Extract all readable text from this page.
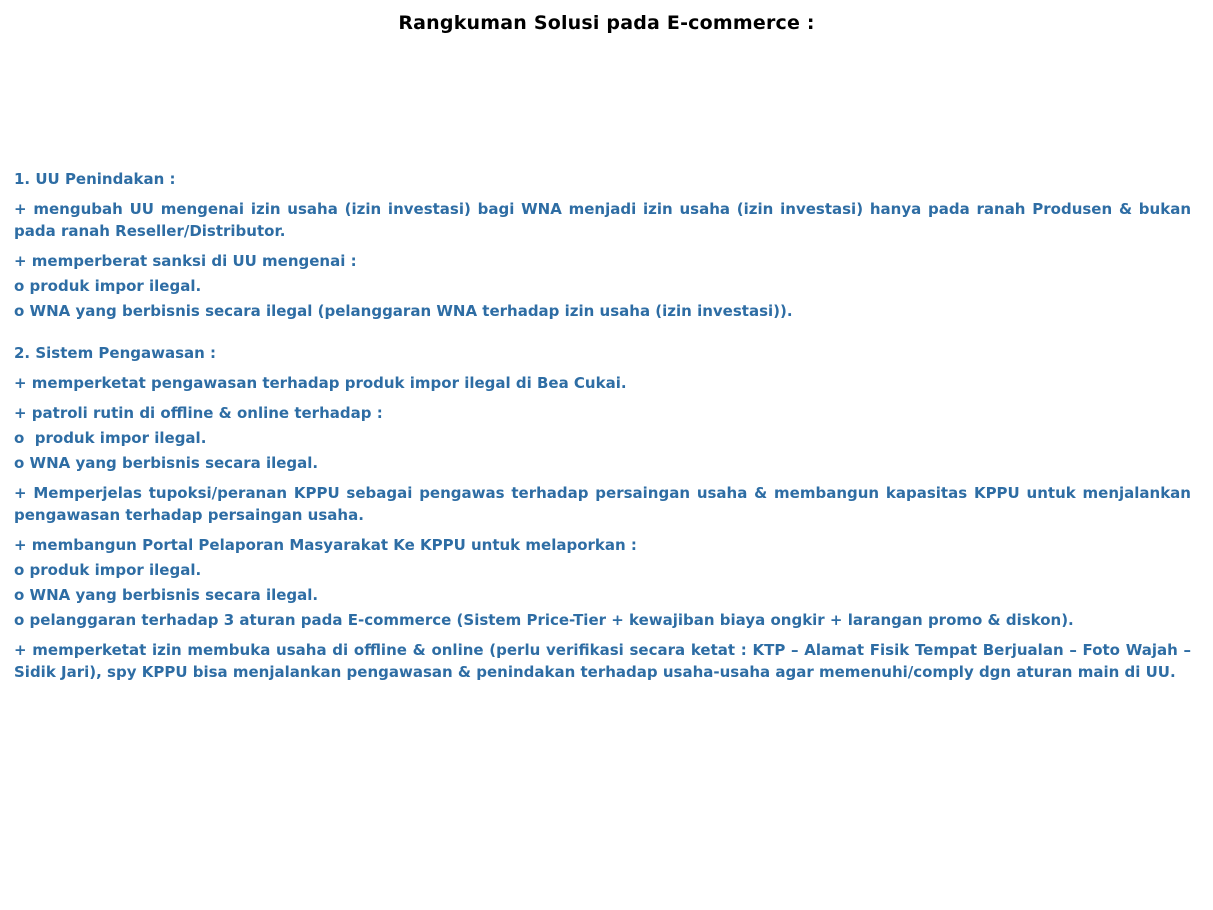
Rangkuman Solusi pada E-commerce :
1. UU Penindakan :
+ mengubah UU mengenai izin usaha (izin investasi) bagi WNA menjadi izin usaha (izin investasi) hanya pada ranah Produsen & bukan pada ranah Reseller/Distributor.
+ memperberat sanksi di UU mengenai :
o produk impor ilegal.
o WNA yang berbisnis secara ilegal (pelanggaran WNA terhadap izin usaha (izin investasi)).
2. Sistem Pengawasan :
+ memperketat pengawasan terhadap produk impor ilegal di Bea Cukai.
+ patroli rutin di offline & online terhadap :
o  produk impor ilegal.
o WNA yang berbisnis secara ilegal.
+ Memperjelas tupoksi/peranan KPPU sebagai pengawas terhadap persaingan usaha & membangun kapasitas KPPU untuk menjalankan pengawasan terhadap persaingan usaha.
+ membangun Portal Pelaporan Masyarakat Ke KPPU untuk melaporkan :
o produk impor ilegal.
o WNA yang berbisnis secara ilegal.
o pelanggaran terhadap 3 aturan pada E-commerce (Sistem Price-Tier + kewajiban biaya ongkir + larangan promo & diskon).
+ memperketat izin membuka usaha di offline & online (perlu verifikasi secara ketat : KTP – Alamat Fisik Tempat Berjualan – Foto Wajah – Sidik Jari), spy KPPU bisa menjalankan pengawasan & penindakan terhadap usaha-usaha agar memenuhi/comply dgn aturan main di UU.
